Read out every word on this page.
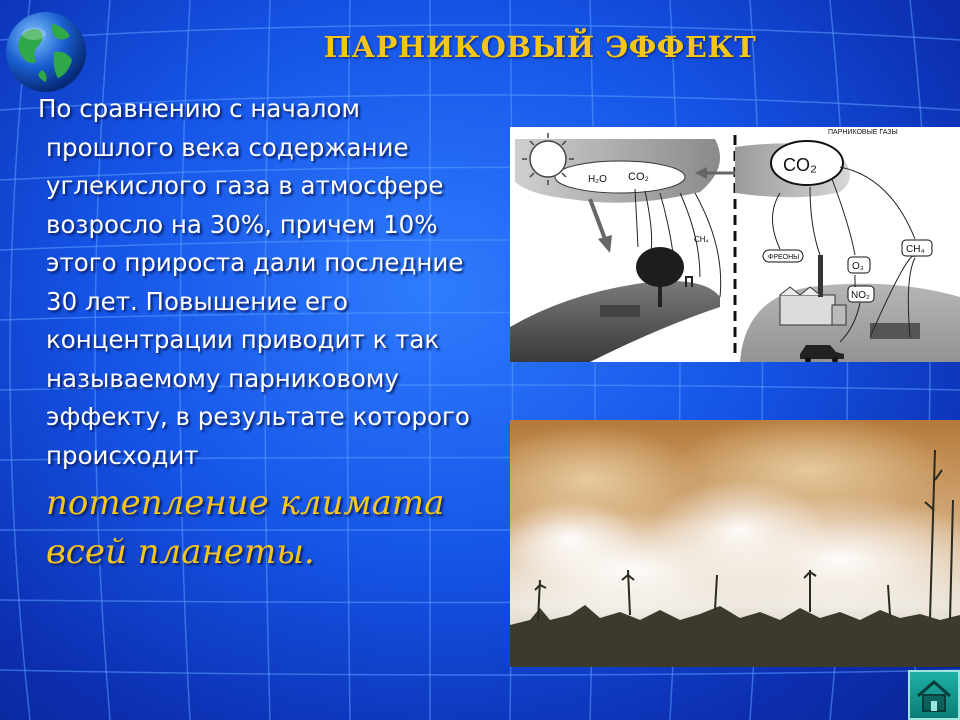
ПАРНИКОВЫЙ ЭФФЕКТ
По сравнению с началом прошлого века содержание углекислого газа в атмосфере возросло на 30%, причем 10% этого прироста дали последние 30 лет. Повышение его концентрации приводит к так называемому парниковому эффекту, в результате которого происходит
потепление климата всей планеты.
H₂O CO₂
CH₄
ПАРНИКОВЫЕ ГАЗЫ
CO₂
ФРЕОНЫ
O₃
NO₂
CH₄
